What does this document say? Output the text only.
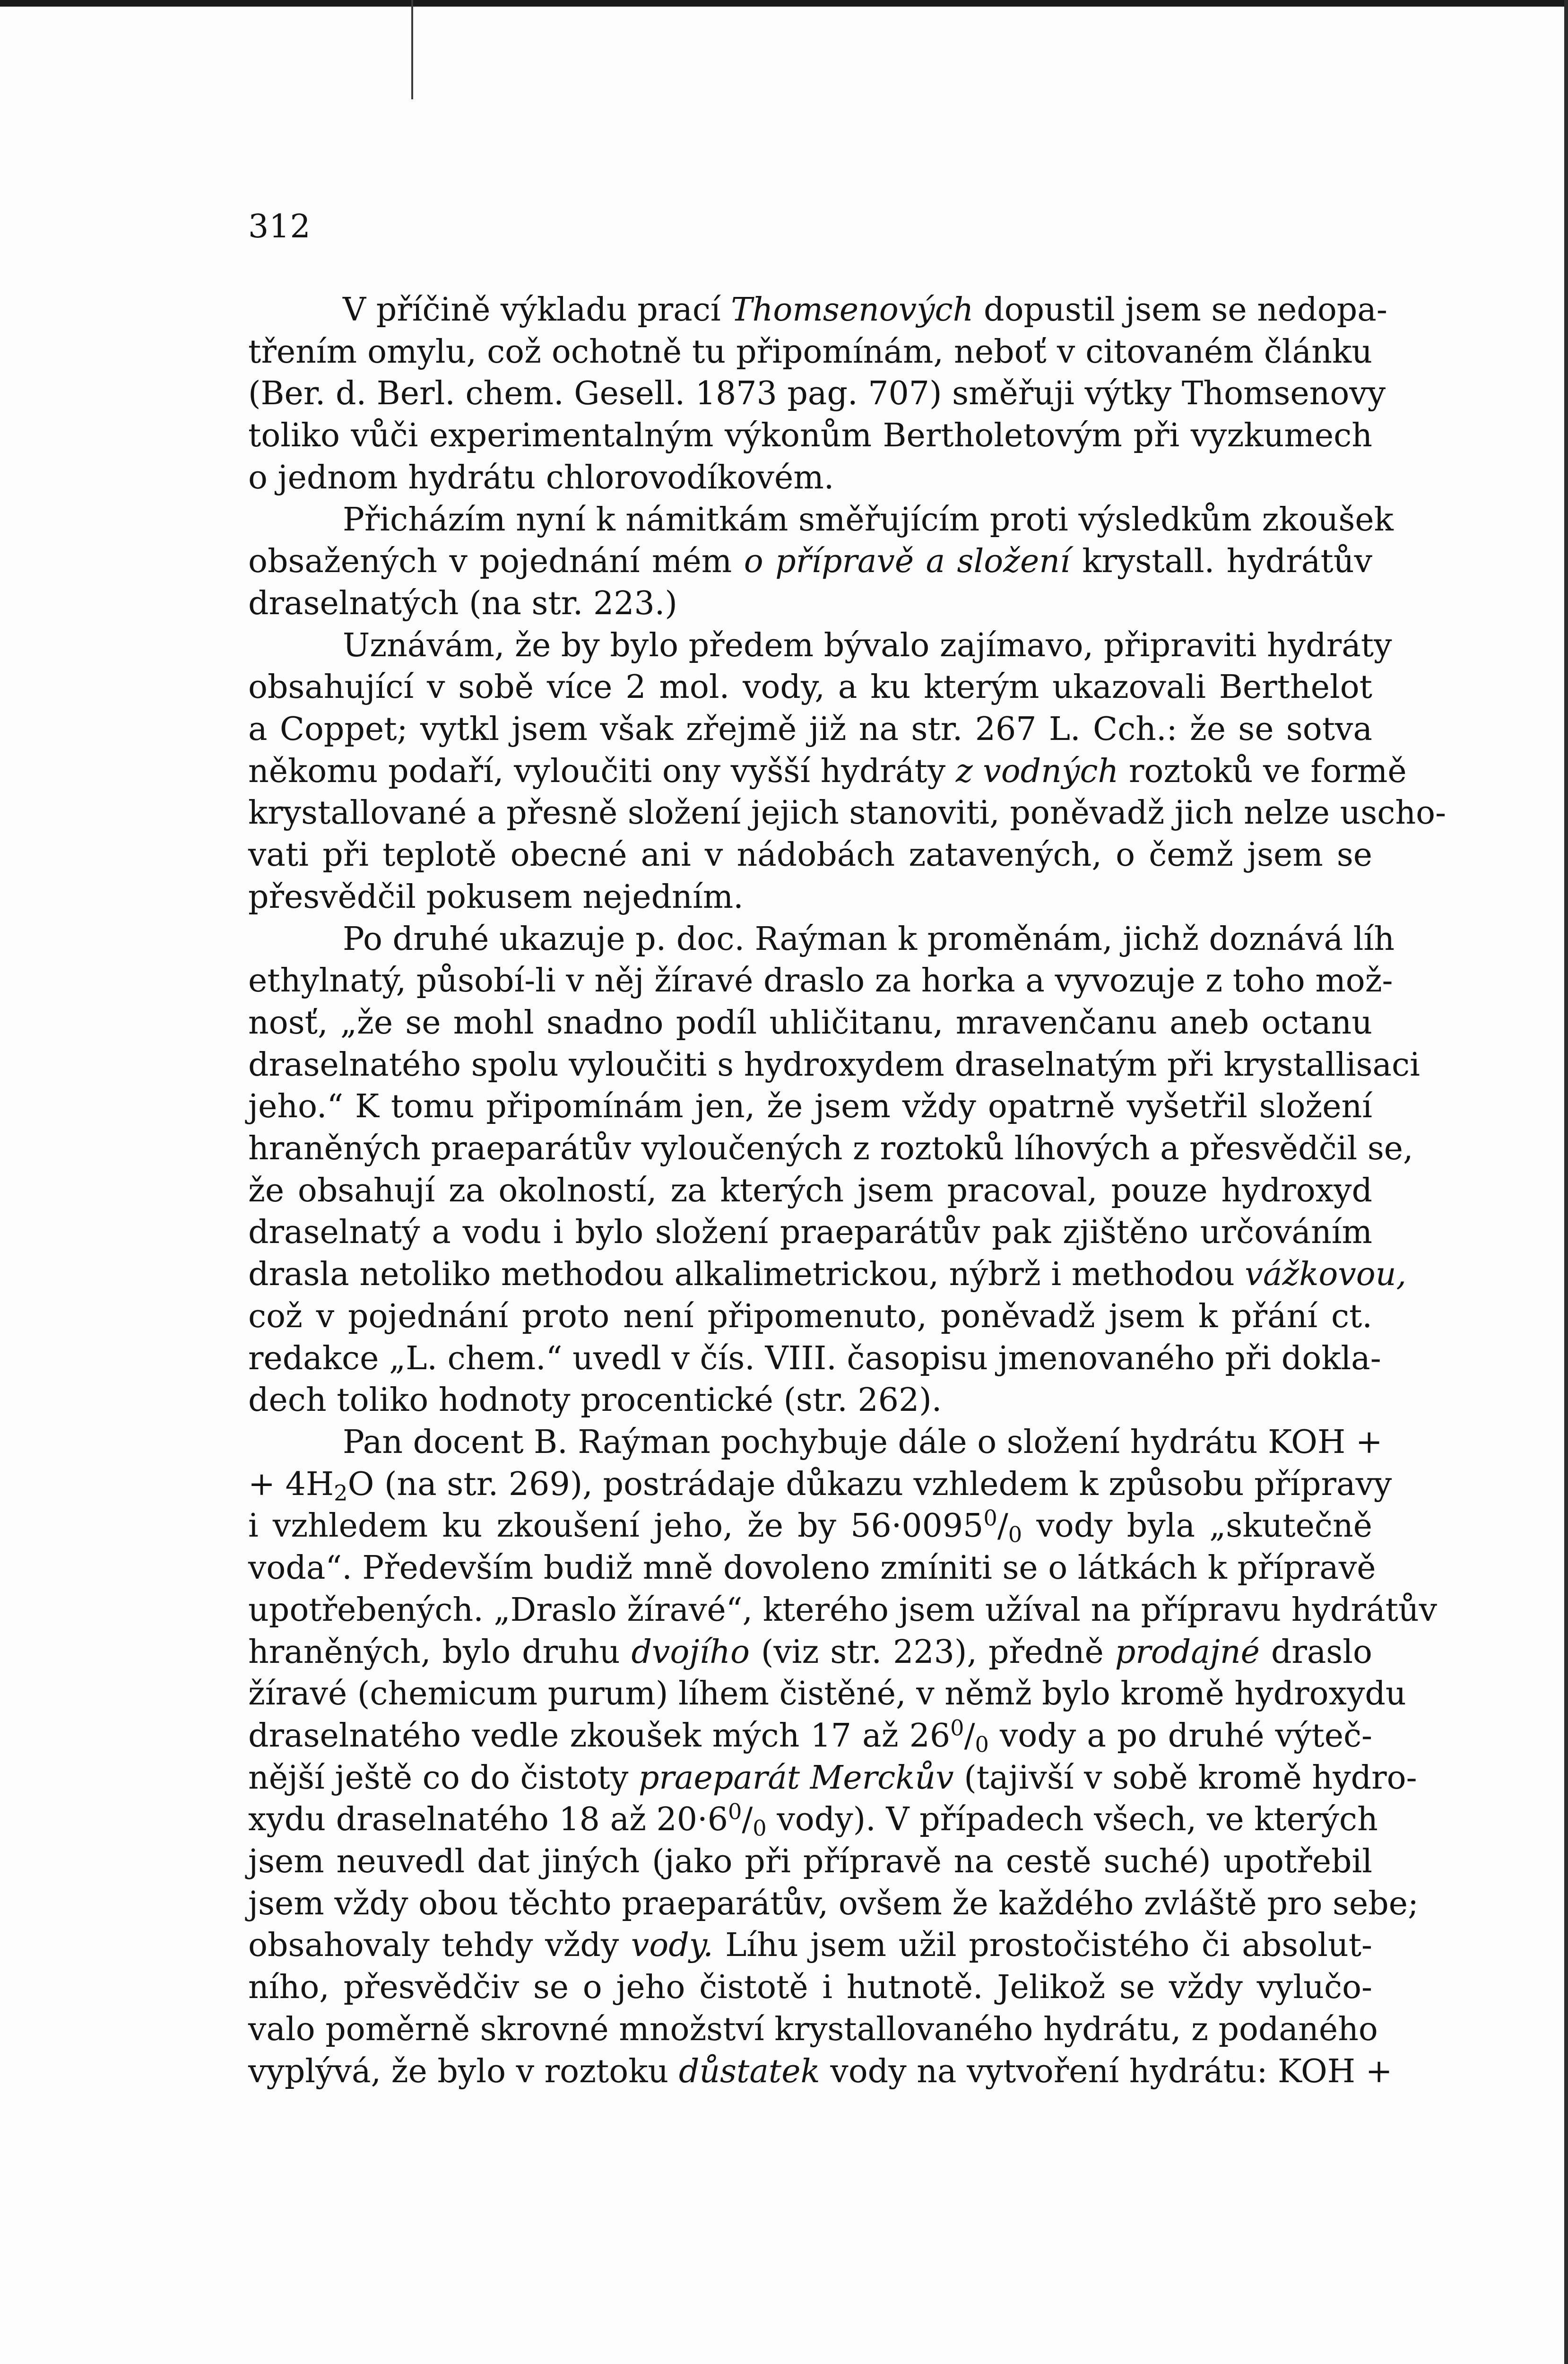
312
V příčině výkladu prací Thomsenových dopustil jsem se nedopa-
třením omylu, což ochotně tu připomínám, neboť v citovaném článku
(Ber. d. Berl. chem. Gesell. 1873 pag. 707) směřuji výtky Thomsenovy
toliko vůči experimentalným výkonům Bertholetovým při vyzkumech
o jednom hydrátu chlorovodíkovém.
Přicházím nyní k námitkám směřujícím proti výsledkům zkoušek
obsažených v pojednání mém o přípravě a složení krystall. hydrátův
draselnatých (na str. 223.)
Uznávám, že by bylo předem bývalo zajímavo, připraviti hydráty
obsahující v sobě více 2 mol. vody, a ku kterým ukazovali Berthelot
a Coppet; vytkl jsem však zřejmě již na str. 267 L. Cch.: že se sotva
někomu podaří, vyloučiti ony vyšší hydráty z vodných roztoků ve formě
krystallované a přesně složení jejich stanoviti, poněvadž jich nelze uscho-
vati při teplotě obecné ani v nádobách zatavených, o čemž jsem se
přesvědčil pokusem nejedním.
Po druhé ukazuje p. doc. Raýman k proměnám, jichž doznává líh
ethylnatý, působí-li v něj žíravé draslo za horka a vyvozuje z toho mož-
nosť, „že se mohl snadno podíl uhličitanu, mravenčanu aneb octanu
draselnatého spolu vyloučiti s hydroxydem draselnatým při krystallisaci
jeho.“ K tomu připomínám jen, že jsem vždy opatrně vyšetřil složení
hraněných praeparátův vyloučených z roztoků líhových a přesvědčil se,
že obsahují za okolností, za kterých jsem pracoval, pouze hydroxyd
draselnatý a vodu i bylo složení praeparátův pak zjištěno určováním
drasla netoliko methodou alkalimetrickou, nýbrž i methodou vážkovou,
což v pojednání proto není připomenuto, poněvadž jsem k přání ct.
redakce „L. chem.“ uvedl v čís. VIII. časopisu jmenovaného při dokla-
dech toliko hodnoty procentické (str. 262).
Pan docent B. Raýman pochybuje dále o složení hydrátu KOH +
+ $4H_2O$ (na str. 269), postrádaje důkazu vzhledem k způsobu přípravy
i vzhledem ku zkoušení jeho, že by $56\cdot 0095^0/_0$ vody byla „skutečně
voda“. Především budiž mně dovoleno zmíniti se o látkách k přípravě
upotřebených. „Draslo žíravé“, kterého jsem užíval na přípravu hydrátův
hraněných, bylo druhu dvojího (viz str. 223), předně prodajné draslo
žíravé (chemicum purum) líhem čistěné, v němž bylo kromě hydroxydu
draselnatého vedle zkoušek mých 17 až $26^0/_0$ vody a po druhé výteč-
nější ještě co do čistoty praeparát Merckův (tajivší v sobě kromě hydro-
xydu draselnatého 18 až $20\cdot 6^0/_0$ vody). V případech všech, ve kterých
jsem neuvedl dat jiných (jako při přípravě na cestě suché) upotřebil
jsem vždy obou těchto praeparátův, ovšem že každého zvláště pro sebe;
obsahovaly tehdy vždy vody. Líhu jsem užil prostočistého či absolut-
ního, přesvědčiv se o jeho čistotě i hutnotě. Jelikož se vždy vylučo-
valo poměrně skrovné množství krystallovaného hydrátu, z podaného
vyplývá, že bylo v roztoku důstatek vody na vytvoření hydrátu: KOH +
